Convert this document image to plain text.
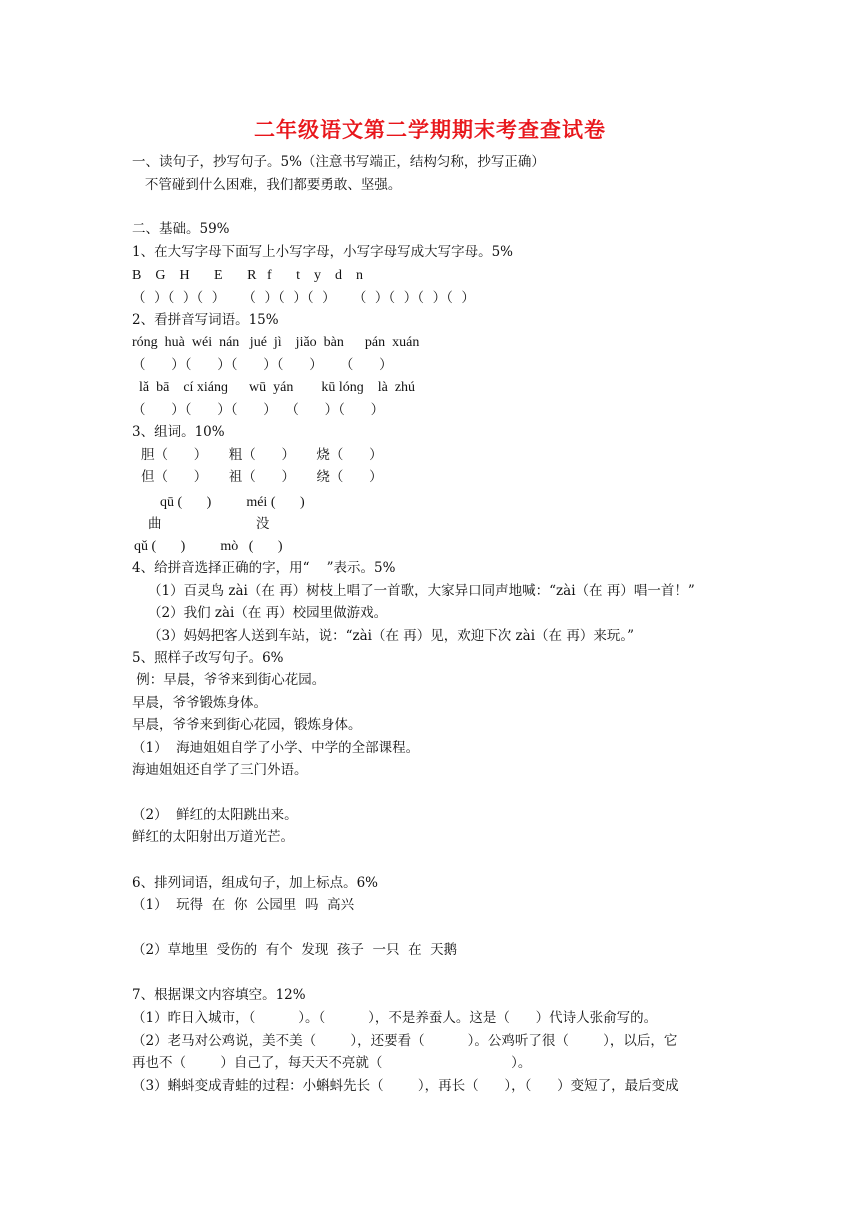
二年级语文第二学期期末考查查试卷

一、读句子，抄写句子。5%（注意书写端正，结构匀称，抄写正确）

不管碰到什么困难，我们都要勇敢、坚强。

二、基础。59%

1、在大写字母下面写上小写字母，小写字母写成大写字母。5%

B    G    H       E       R   f       t    y    d    n

（  ）（  ）（  ）    （  ）（  ）（  ）    （  ）（  ）（  ）（  ）

2、看拼音写词语。15%

róng  huà  wéi  nán   jué  jì    jiǎo  bàn      pán  xuán

（      ）（      ）（      ）（      ）    （      ）

lǎ  bā    cí xiánɡ      wū  yán        kū lónɡ    là  zhú

（      ）（      ）（      ）  （      ）（      ）

3、组词。10%

胆（      ）     粗（      ）     烧（      ）

但（      ）     祖（      ）     绕（      ）

qū (       )          méi (       )

曲                      没

qǔ (       )          mò   (       )

4、给拼音选择正确的字，用“    ”表示。5%

（1）百灵鸟 zài（在 再）树枝上唱了一首歌，大家异口同声地喊：“zài（在 再）唱一首！”

（2）我们 zài（在 再）校园里做游戏。

（3）妈妈把客人送到车站，说：“zài（在 再）见，欢迎下次 zài（在 再）来玩。”

5、照样子改写句子。6%

例：早晨，爷爷来到街心花园。

早晨，爷爷锻炼身体。

早晨，爷爷来到街心花园，锻炼身体。

（1）  海迪姐姐自学了小学、中学的全部课程。

海迪姐姐还自学了三门外语。

（2）  鲜红的太阳跳出来。

鲜红的太阳射出万道光芒。

6、排列词语，组成句子，加上标点。6%

（1）  玩得  在  你  公园里  吗  高兴

（2）草地里  受伤的  有个  发现  孩子  一只  在  天鹅

7、根据课文内容填空。12%

（1）昨日入城市，（          ）。（          ），不是养蚕人。这是（      ）代诗人张俞写的。

（2）老马对公鸡说，美不美（        ），还要看（          ）。公鸡听了很（        ），以后，它

再也不（        ）自己了，每天天不亮就（                              ）。

（3）蝌蚪变成青蛙的过程：小蝌蚪先长（        ），再长（      ），（      ）变短了，最后变成
